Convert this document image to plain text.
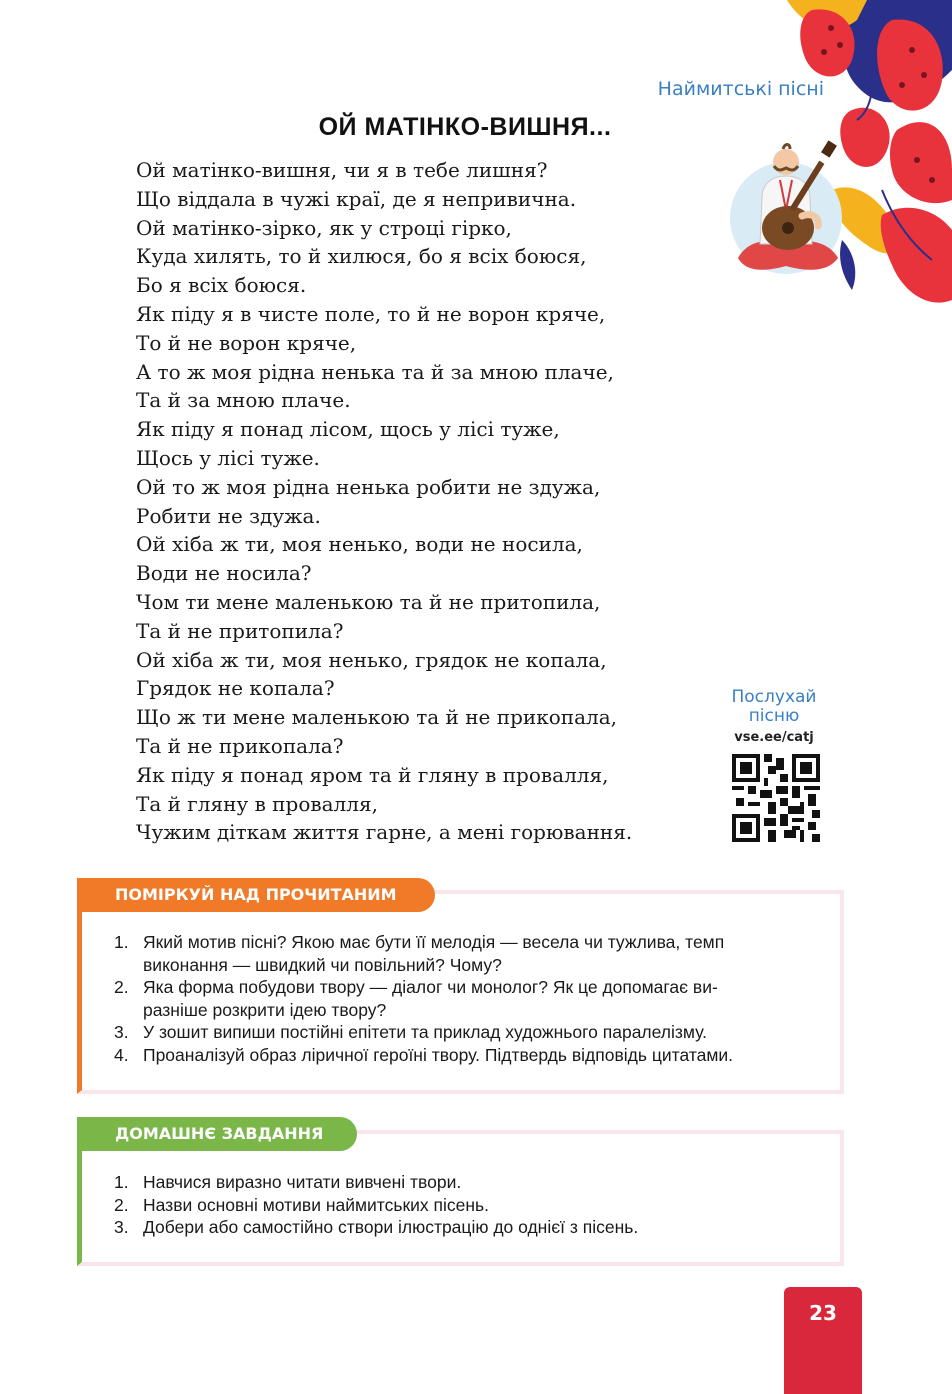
Наймитські пісні
ОЙ МАТІНКО-ВИШНЯ...
Ой матінко-вишня, чи я в тебе лишня?
Що віддала в чужі краї, де я непривична.
Ой матінко-зірко, як у строці гірко,
Куда хилять, то й хилюся, бо я всіх боюся,
Бо я всіх боюся.
Як піду я в чисте поле, то й не ворон кряче,
То й не ворон кряче,
А то ж моя рідна ненька та й за мною плаче,
Та й за мною плаче.
Як піду я понад лісом, щось у лісі туже,
Щось у лісі туже.
Ой то ж моя рідна ненька робити не здужа,
Робити не здужа.
Ой хіба ж ти, моя ненько, води не носила,
Води не носила?
Чом ти мене маленькою та й не притопила,
Та й не притопила?
Ой хіба ж ти, моя ненько, грядок не копала,
Грядок не копала?
Що ж ти мене маленькою та й не прикопала,
Та й не прикопала?
Як піду я понад яром та й гляну в провалля,
Та й гляну в провалля,
Чужим діткам життя гарне, а мені горювання.
Послухай
пісню
vse.ee/catj
ПОМІРКУЙ НАД ПРОЧИТАНИМ
1. Який мотив пісні? Якою має бути її мелодія — весела чи тужлива, темп
виконання — швидкий чи повільний? Чому?
2. Яка форма побудови твору — діалог чи монолог? Як це допомагає ви-
разніше розкрити ідею твору?
3. У зошит випиши постійні епітети та приклад художнього паралелізму.
4. Проаналізуй образ ліричної героїні твору. Підтвердь відповідь цитатами.
ДОМАШНЄ ЗАВДАННЯ
1. Навчися виразно читати вивчені твори.
2. Назви основні мотиви наймитських пісень.
3. Добери або самостійно створи ілюстрацію до однієї з пісень.
23
